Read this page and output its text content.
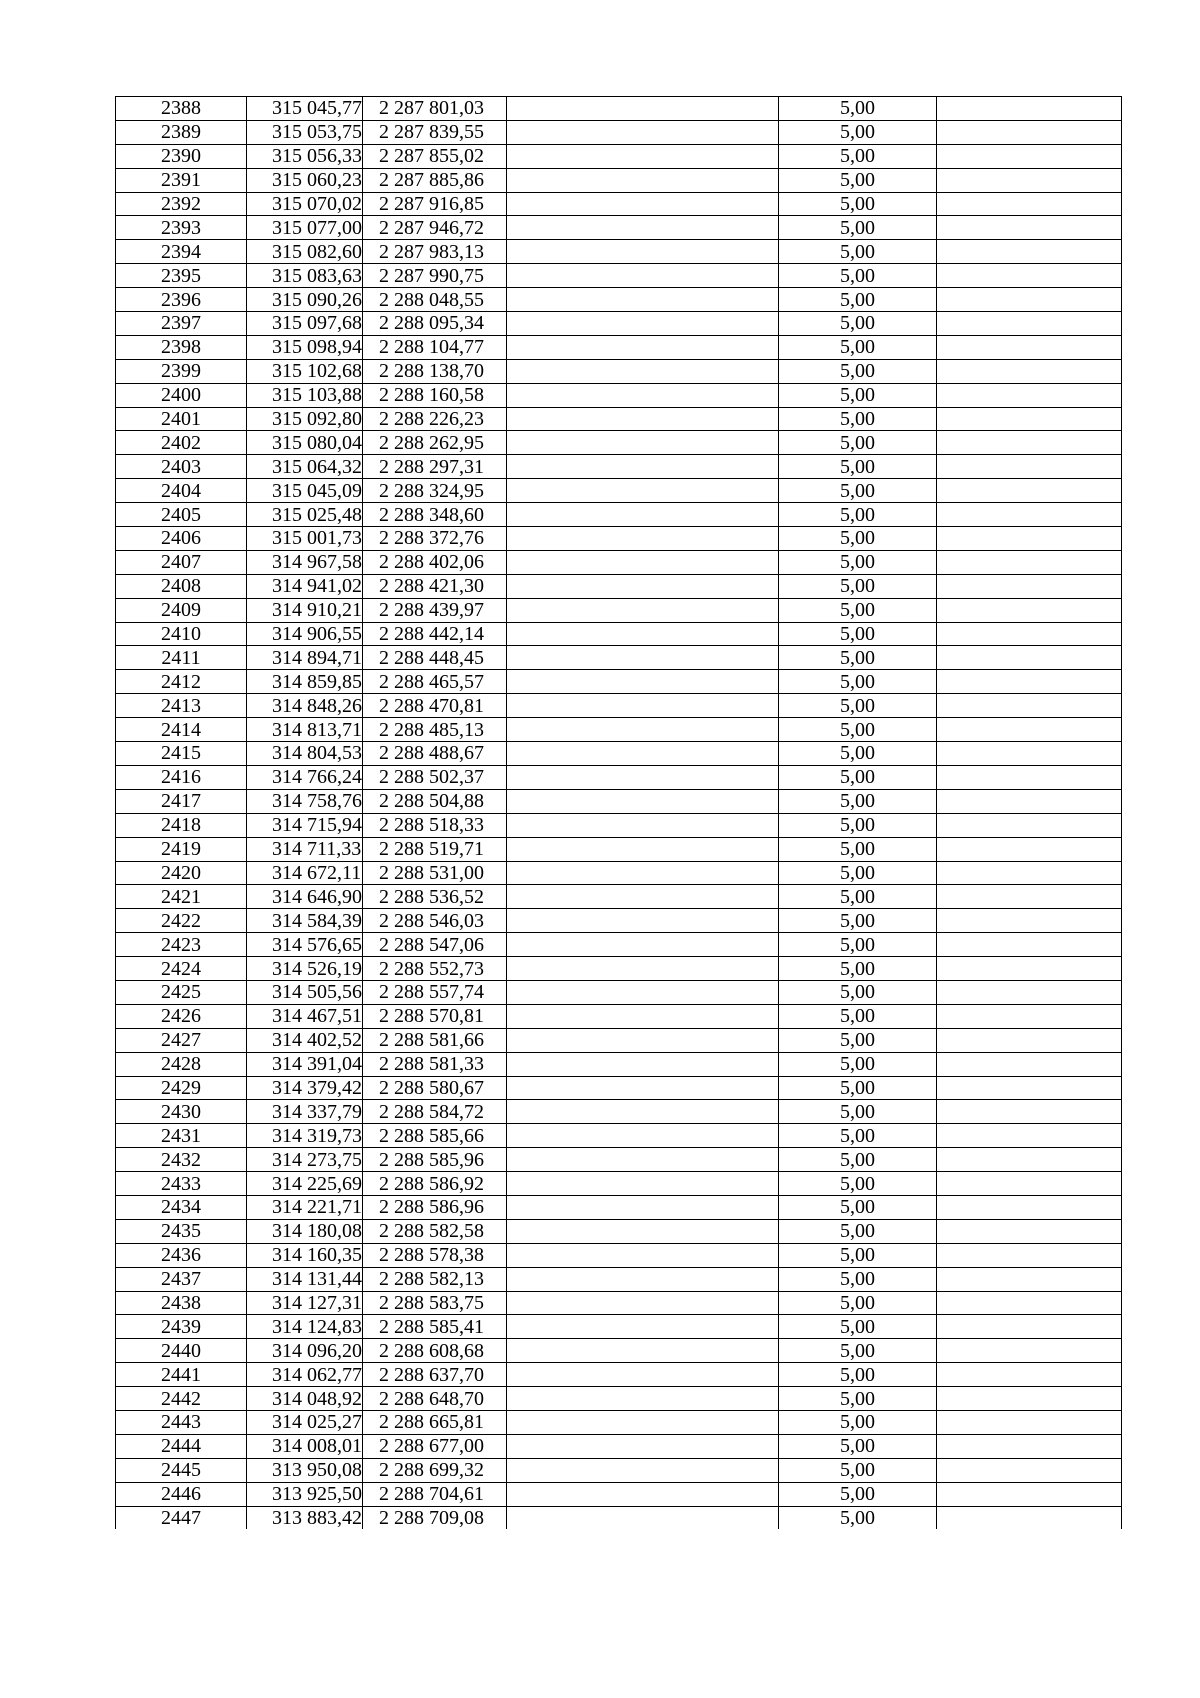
2388	315 045,77	2 287 801,03		5,00	
2389	315 053,75	2 287 839,55		5,00	
2390	315 056,33	2 287 855,02		5,00	
2391	315 060,23	2 287 885,86		5,00	
2392	315 070,02	2 287 916,85		5,00	
2393	315 077,00	2 287 946,72		5,00	
2394	315 082,60	2 287 983,13		5,00	
2395	315 083,63	2 287 990,75		5,00	
2396	315 090,26	2 288 048,55		5,00	
2397	315 097,68	2 288 095,34		5,00	
2398	315 098,94	2 288 104,77		5,00	
2399	315 102,68	2 288 138,70		5,00	
2400	315 103,88	2 288 160,58		5,00	
2401	315 092,80	2 288 226,23		5,00	
2402	315 080,04	2 288 262,95		5,00	
2403	315 064,32	2 288 297,31		5,00	
2404	315 045,09	2 288 324,95		5,00	
2405	315 025,48	2 288 348,60		5,00	
2406	315 001,73	2 288 372,76		5,00	
2407	314 967,58	2 288 402,06		5,00	
2408	314 941,02	2 288 421,30		5,00	
2409	314 910,21	2 288 439,97		5,00	
2410	314 906,55	2 288 442,14		5,00	
2411	314 894,71	2 288 448,45		5,00	
2412	314 859,85	2 288 465,57		5,00	
2413	314 848,26	2 288 470,81		5,00	
2414	314 813,71	2 288 485,13		5,00	
2415	314 804,53	2 288 488,67		5,00	
2416	314 766,24	2 288 502,37		5,00	
2417	314 758,76	2 288 504,88		5,00	
2418	314 715,94	2 288 518,33		5,00	
2419	314 711,33	2 288 519,71		5,00	
2420	314 672,11	2 288 531,00		5,00	
2421	314 646,90	2 288 536,52		5,00	
2422	314 584,39	2 288 546,03		5,00	
2423	314 576,65	2 288 547,06		5,00	
2424	314 526,19	2 288 552,73		5,00	
2425	314 505,56	2 288 557,74		5,00	
2426	314 467,51	2 288 570,81		5,00	
2427	314 402,52	2 288 581,66		5,00	
2428	314 391,04	2 288 581,33		5,00	
2429	314 379,42	2 288 580,67		5,00	
2430	314 337,79	2 288 584,72		5,00	
2431	314 319,73	2 288 585,66		5,00	
2432	314 273,75	2 288 585,96		5,00	
2433	314 225,69	2 288 586,92		5,00	
2434	314 221,71	2 288 586,96		5,00	
2435	314 180,08	2 288 582,58		5,00	
2436	314 160,35	2 288 578,38		5,00	
2437	314 131,44	2 288 582,13		5,00	
2438	314 127,31	2 288 583,75		5,00	
2439	314 124,83	2 288 585,41		5,00	
2440	314 096,20	2 288 608,68		5,00	
2441	314 062,77	2 288 637,70		5,00	
2442	314 048,92	2 288 648,70		5,00	
2443	314 025,27	2 288 665,81		5,00	
2444	314 008,01	2 288 677,00		5,00	
2445	313 950,08	2 288 699,32		5,00	
2446	313 925,50	2 288 704,61		5,00	
2447	313 883,42	2 288 709,08		5,00	
